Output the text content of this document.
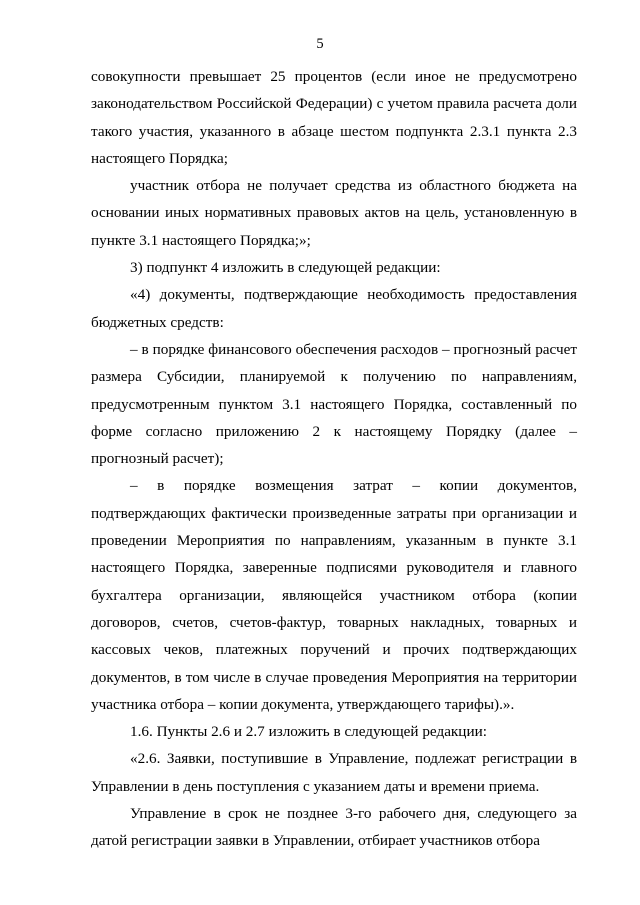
5

совокупности превышает 25 процентов (если иное не предусмотрено законодательством Российской Федерации) с учетом правила расчета доли такого участия, указанного в абзаце шестом подпункта 2.3.1 пункта 2.3 настоящего Порядка;

участник отбора не получает средства из областного бюджета на основании иных нормативных правовых актов на цель, установленную в пункте 3.1 настоящего Порядка;»;

3) подпункт 4 изложить в следующей редакции:

«4) документы, подтверждающие необходимость предоставления бюджетных средств:

– в порядке финансового обеспечения расходов – прогнозный расчет размера Субсидии, планируемой к получению по направлениям, предусмотренным пунктом 3.1 настоящего Порядка, составленный по форме согласно приложению 2 к настоящему Порядку (далее – прогнозный расчет);

– в порядке возмещения затрат – копии документов, подтверждающих фактически произведенные затраты при организации и проведении Мероприятия по направлениям, указанным в пункте 3.1 настоящего Порядка, заверенные подписями руководителя и главного бухгалтера организации, являющейся участником отбора (копии договоров, счетов, счетов-фактур, товарных накладных, товарных и кассовых чеков, платежных поручений и прочих подтверждающих документов, в том числе в случае проведения Мероприятия на территории участника отбора – копии документа, утверждающего тарифы).».

1.6. Пункты 2.6 и 2.7 изложить в следующей редакции:

«2.6. Заявки, поступившие в Управление, подлежат регистрации в Управлении в день поступления с указанием даты и времени приема.

Управление в срок не позднее 3-го рабочего дня, следующего за датой регистрации заявки в Управлении, отбирает участников отбора
